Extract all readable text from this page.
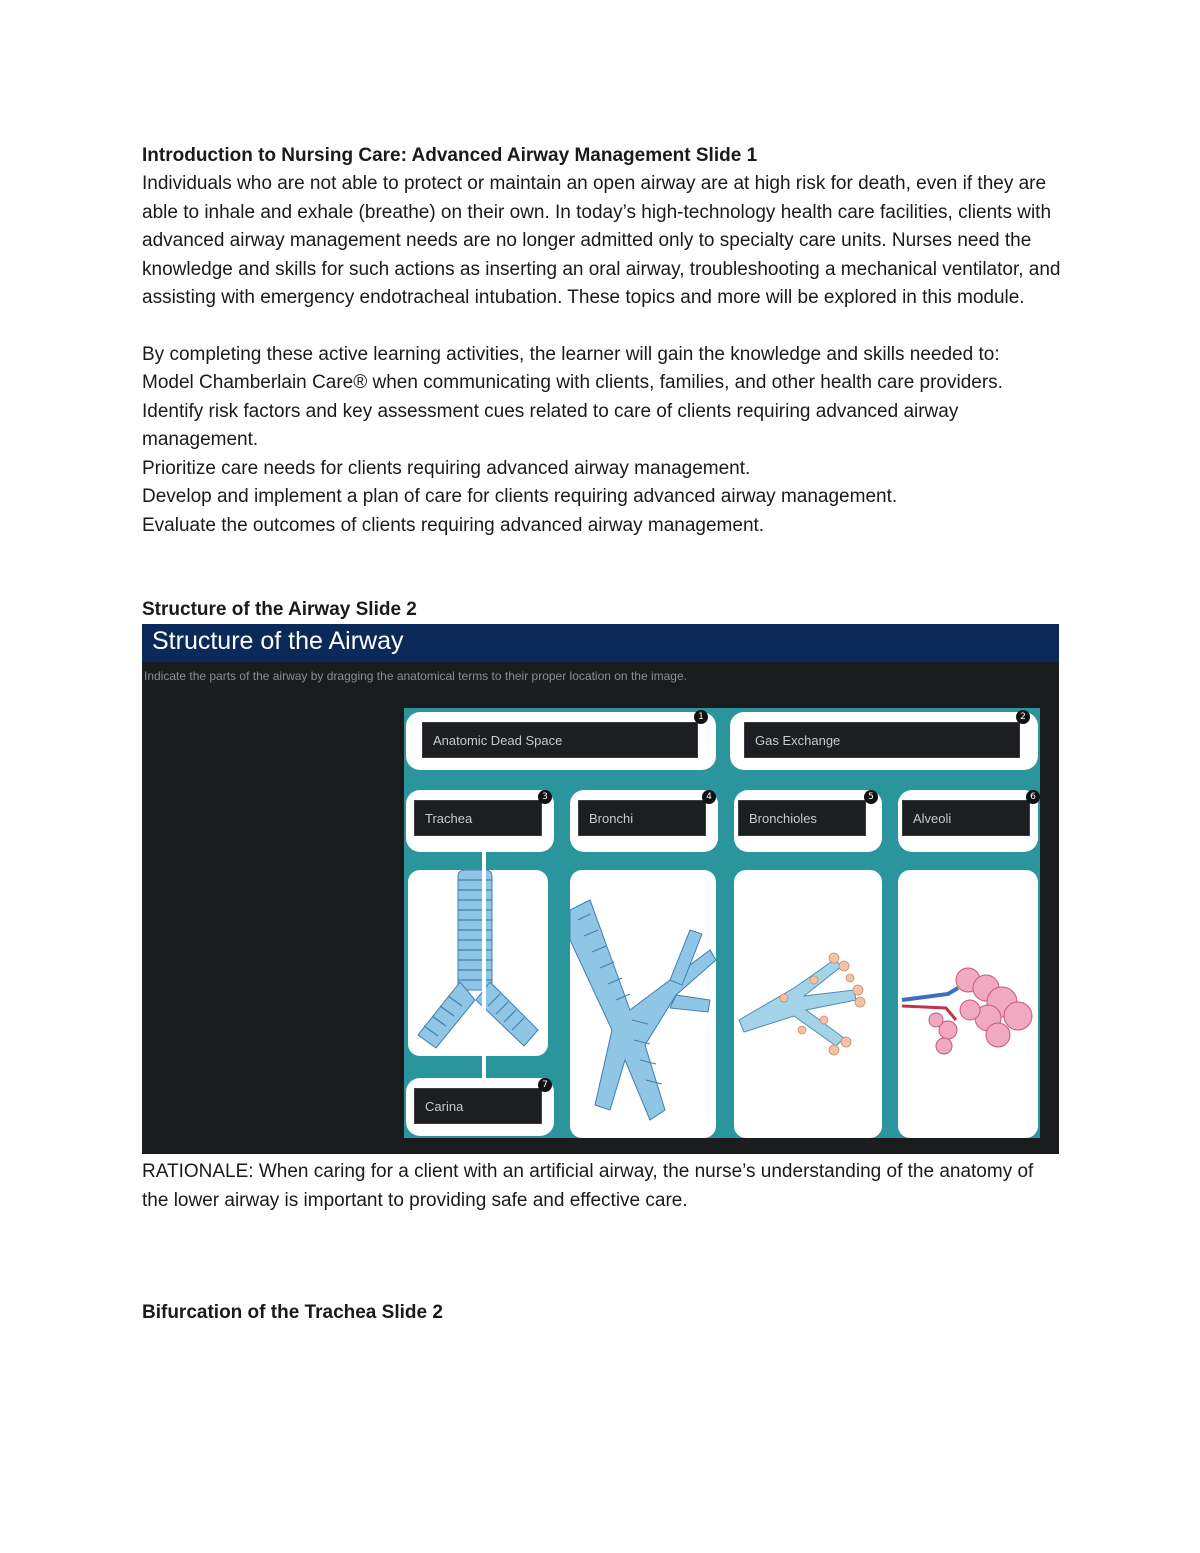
Introduction to Nursing Care: Advanced Airway Management Slide 1

Individuals who are not able to protect or maintain an open airway are at high risk for death, even if they are able to inhale and exhale (breathe) on their own. In today’s high-technology health care facilities, clients with advanced airway management needs are no longer admitted only to specialty care units. Nurses need the knowledge and skills for such actions as inserting an oral airway, troubleshooting a mechanical ventilator, and assisting with emergency endotracheal intubation. These topics and more will be explored in this module.

By completing these active learning activities, the learner will gain the knowledge and skills needed to:

Model Chamberlain Care® when communicating with clients, families, and other health care providers.

Identify risk factors and key assessment cues related to care of clients requiring advanced airway management.

Prioritize care needs for clients requiring advanced airway management.

Develop and implement a plan of care for clients requiring advanced airway management.

Evaluate the outcomes of clients requiring advanced airway management.

Structure of the Airway Slide 2

Structure of the Airway
Indicate the parts of the airway by dragging the anatomical terms to their proper location on the image.
Anatomic Dead Space
1
Gas Exchange
2
Trachea
3
Bronchi
4
Bronchioles
5
Alveoli
6
Carina
7

RATIONALE: When caring for a client with an artificial airway, the nurse’s understanding of the anatomy of the lower airway is important to providing safe and effective care.

Bifurcation of the Trachea Slide 2
